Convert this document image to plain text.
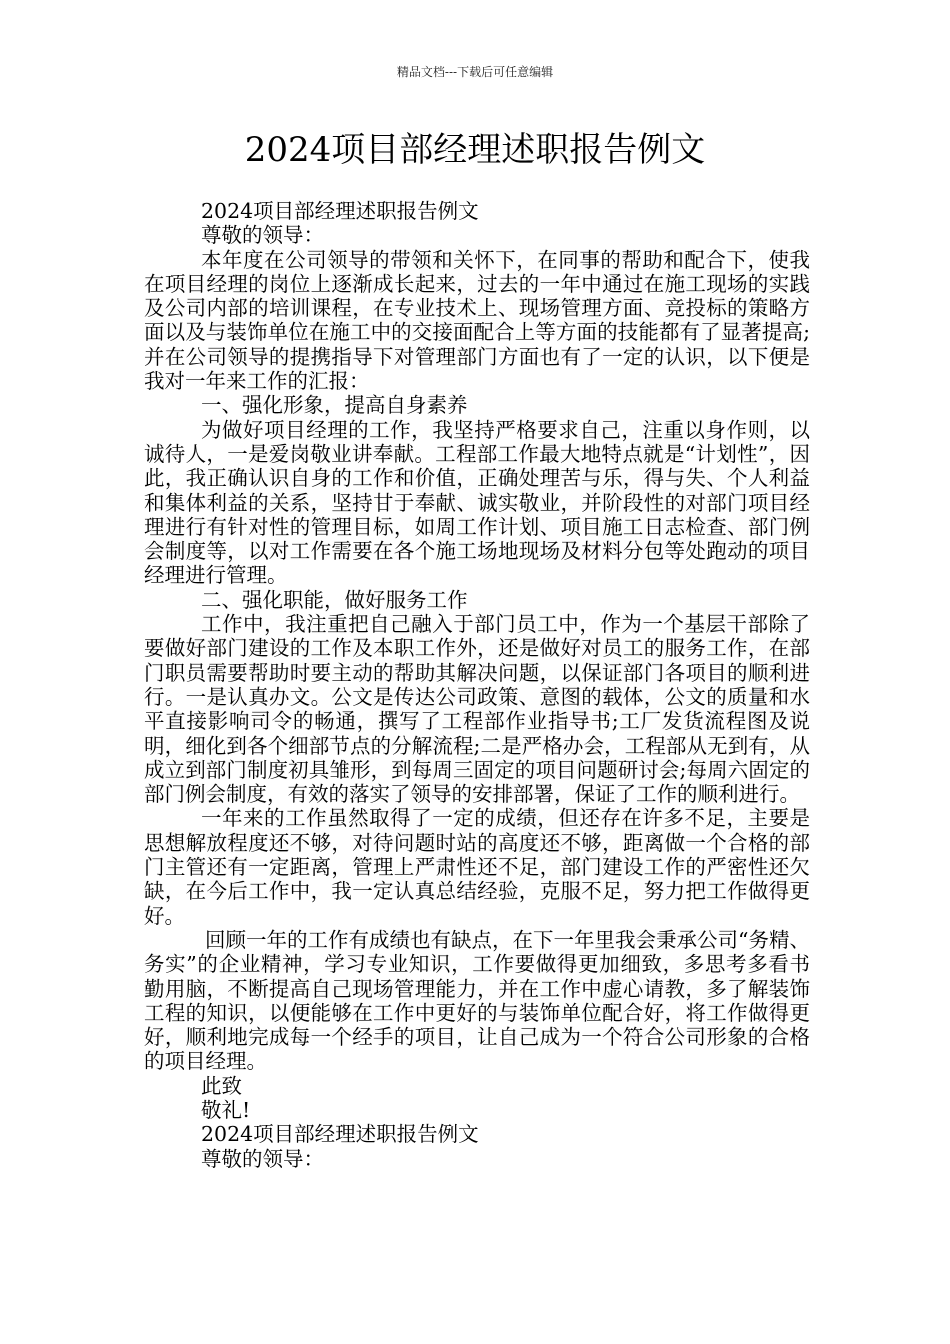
精品文档---下载后可任意编辑
2024项目部经理述职报告例文

2024项目部经理述职报告例文

尊敬的领导：

本年度在公司领导的带领和关怀下，在同事的帮助和配合下，使我在项目经理的岗位上逐渐成长起来，过去的一年中通过在施工现场的实践及公司内部的培训课程，在专业技术上、现场管理方面、竞投标的策略方面以及与装饰单位在施工中的交接面配合上等方面的技能都有了显著提高;并在公司领导的提携指导下对管理部门方面也有了一定的认识，以下便是我对一年来工作的汇报：

一、强化形象，提高自身素养

为做好项目经理的工作，我坚持严格要求自己，注重以身作则，以诚待人，一是爱岗敬业讲奉献。工程部工作最大地特点就是“计划性”，因此，我正确认识自身的工作和价值，正确处理苦与乐，得与失、个人利益和集体利益的关系，坚持甘于奉献、诚实敬业，并阶段性的对部门项目经理进行有针对性的管理目标，如周工作计划、项目施工日志检查、部门例会制度等，以对工作需要在各个施工场地现场及材料分包等处跑动的项目经理进行管理。

二、强化职能，做好服务工作

工作中，我注重把自己融入于部门员工中，作为一个基层干部除了要做好部门建设的工作及本职工作外，还是做好对员工的服务工作，在部门职员需要帮助时要主动的帮助其解决问题，以保证部门各项目的顺利进行。一是认真办文。公文是传达公司政策、意图的载体，公文的质量和水平直接影响司令的畅通，撰写了工程部作业指导书;工厂发货流程图及说明，细化到各个细部节点的分解流程;二是严格办会，工程部从无到有，从成立到部门制度初具雏形，到每周三固定的项目问题研讨会;每周六固定的部门例会制度，有效的落实了领导的安排部署，保证了工作的顺利进行。

一年来的工作虽然取得了一定的成绩，但还存在许多不足，主要是思想解放程度还不够，对待问题时站的高度还不够，距离做一个合格的部门主管还有一定距离，管理上严肃性还不足，部门建设工作的严密性还欠缺，在今后工作中，我一定认真总结经验，克服不足，努力把工作做得更好。

回顾一年的工作有成绩也有缺点，在下一年里我会秉承公司“务精、务实”的企业精神，学习专业知识，工作要做得更加细致，多思考多看书勤用脑，不断提高自己现场管理能力，并在工作中虚心请教，多了解装饰工程的知识，以便能够在工作中更好的与装饰单位配合好，将工作做得更好，顺利地完成每一个经手的项目，让自己成为一个符合公司形象的合格的项目经理。

此致

敬礼!

2024项目部经理述职报告例文

尊敬的领导：
